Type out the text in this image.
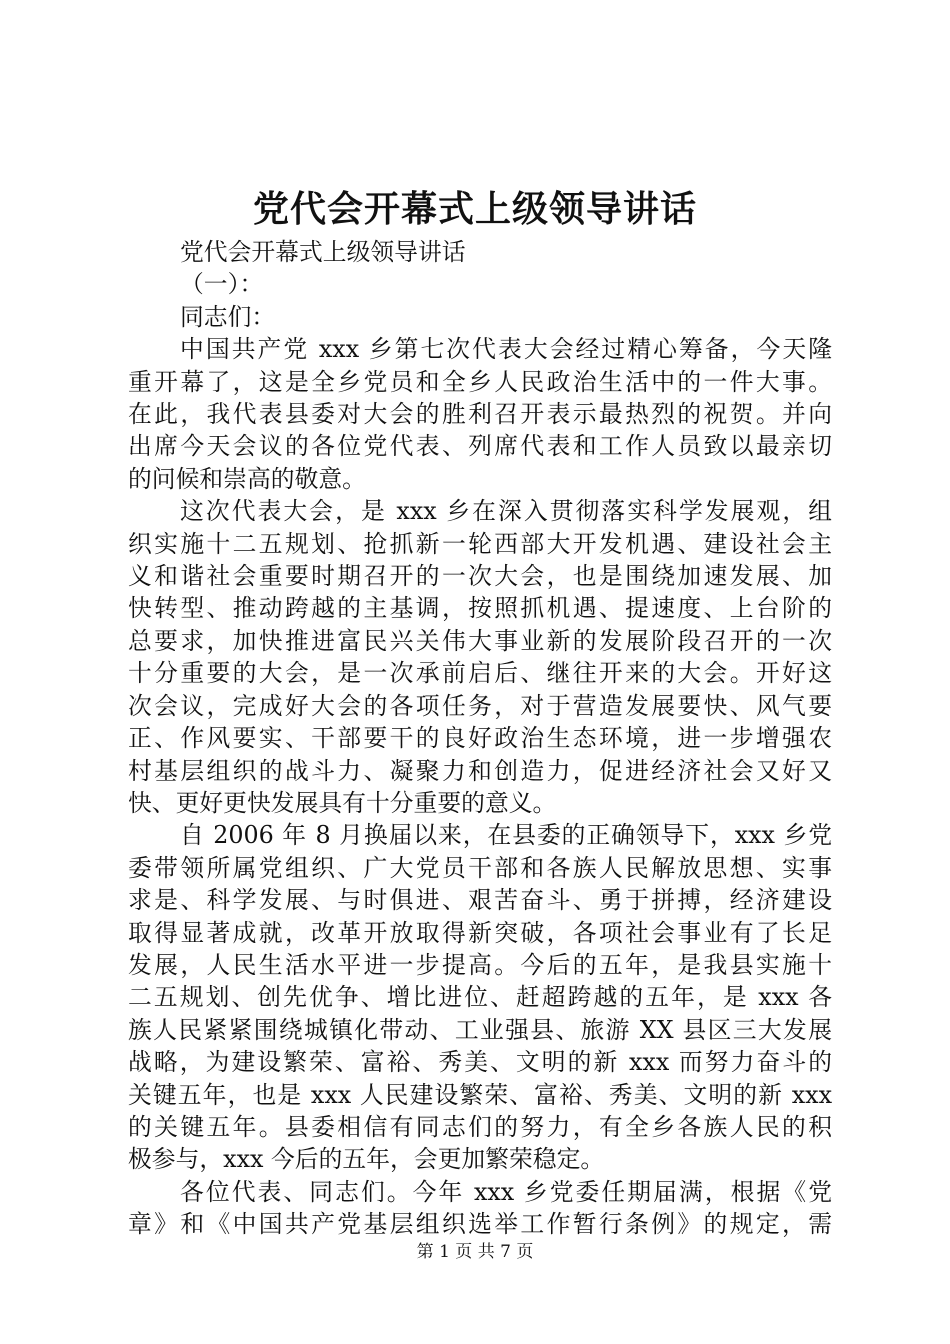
党代会开幕式上级领导讲话
党代会开幕式上级领导讲话
（一）：
同志们：
中国共产党 xxx 乡第七次代表大会经过精心筹备，今天隆
重开幕了，这是全乡党员和全乡人民政治生活中的一件大事。
在此，我代表县委对大会的胜利召开表示最热烈的祝贺。并向
出席今天会议的各位党代表、列席代表和工作人员致以最亲切
的问候和崇高的敬意。
这次代表大会，是 xxx 乡在深入贯彻落实科学发展观，组
织实施十二五规划、抢抓新一轮西部大开发机遇、建设社会主
义和谐社会重要时期召开的一次大会，也是围绕加速发展、加
快转型、推动跨越的主基调，按照抓机遇、提速度、上台阶的
总要求，加快推进富民兴关伟大事业新的发展阶段召开的一次
十分重要的大会，是一次承前启后、继往开来的大会。开好这
次会议，完成好大会的各项任务，对于营造发展要快、风气要
正、作风要实、干部要干的良好政治生态环境，进一步增强农
村基层组织的战斗力、凝聚力和创造力，促进经济社会又好又
快、更好更快发展具有十分重要的意义。
自 2006 年 8 月换届以来，在县委的正确领导下，xxx 乡党
委带领所属党组织、广大党员干部和各族人民解放思想、实事
求是、科学发展、与时俱进、艰苦奋斗、勇于拼搏，经济建设
取得显著成就，改革开放取得新突破，各项社会事业有了长足
发展，人民生活水平进一步提高。今后的五年，是我县实施十
二五规划、创先优争、增比进位、赶超跨越的五年，是 xxx 各
族人民紧紧围绕城镇化带动、工业强县、旅游 XX 县区三大发展
战略，为建设繁荣、富裕、秀美、文明的新 xxx 而努力奋斗的
关键五年，也是 xxx 人民建设繁荣、富裕、秀美、文明的新 xxx
的关键五年。县委相信有同志们的努力，有全乡各族人民的积
极参与，xxx 今后的五年，会更加繁荣稳定。
各位代表、同志们。今年 xxx 乡党委任期届满，根据《党
章》和《中国共产党基层组织选举工作暂行条例》的规定，需
第 1 页 共 7 页
